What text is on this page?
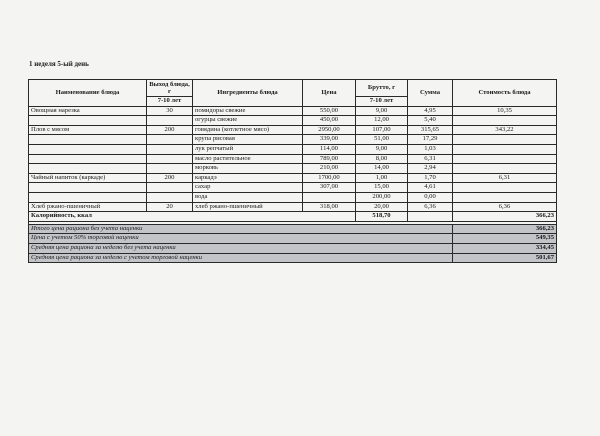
1 неделя 5-ый день
Наименование блюда	Выход блюда, г	Ингредиенты блюда	Цена	Брутто, г	Сумма	Стоимость блюда
	7-10 лет			7-10 лет		
Овощная нарезка	30	помидоры свежие	550,00	9,00	4,95	10,35
		огурцы свежие	450,00	12,00	5,40	
Плов с мясом	200	говядина (котлетное мясо)	2950,00	107,00	315,65	343,22
		крупа рисовая	339,00	51,00	17,29	
		лук репчатый	114,00	9,00	1,03	
		масло растительное	789,00	8,00	6,31	
		морковь	210,00	14,00	2,94	
Чайный напиток (каркаде)	200	каркадэ	1700,00	1,00	1,70	6,31
		сахар	307,00	15,00	4,61	
		вода		200,00	0,00	
Хлеб ржано-пшеничный	20	хлеб ржано-пшеничный	318,00	20,00	6,36	6,36
Калорийность, ккал				518,70		366,23

Итого цена рациона без учета наценки						366,23
Цена с учетом 50% торговой наценки						549,35
Средняя цена рациона за неделю без учета наценки						334,45
Средняя цена рациона за неделю с учетом торговой наценки						501,67
